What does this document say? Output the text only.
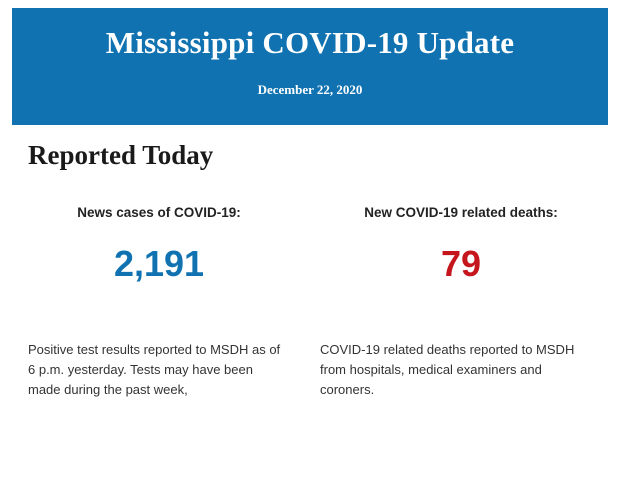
Mississippi COVID-19 Update
December 22, 2020
Reported Today
News cases of COVID-19:
2,191
New COVID-19 related deaths:
79
Positive test results reported to MSDH as of 6 p.m. yesterday. Tests may have been made during the past week,
COVID-19 related deaths reported to MSDH from hospitals, medical examiners and coroners.
